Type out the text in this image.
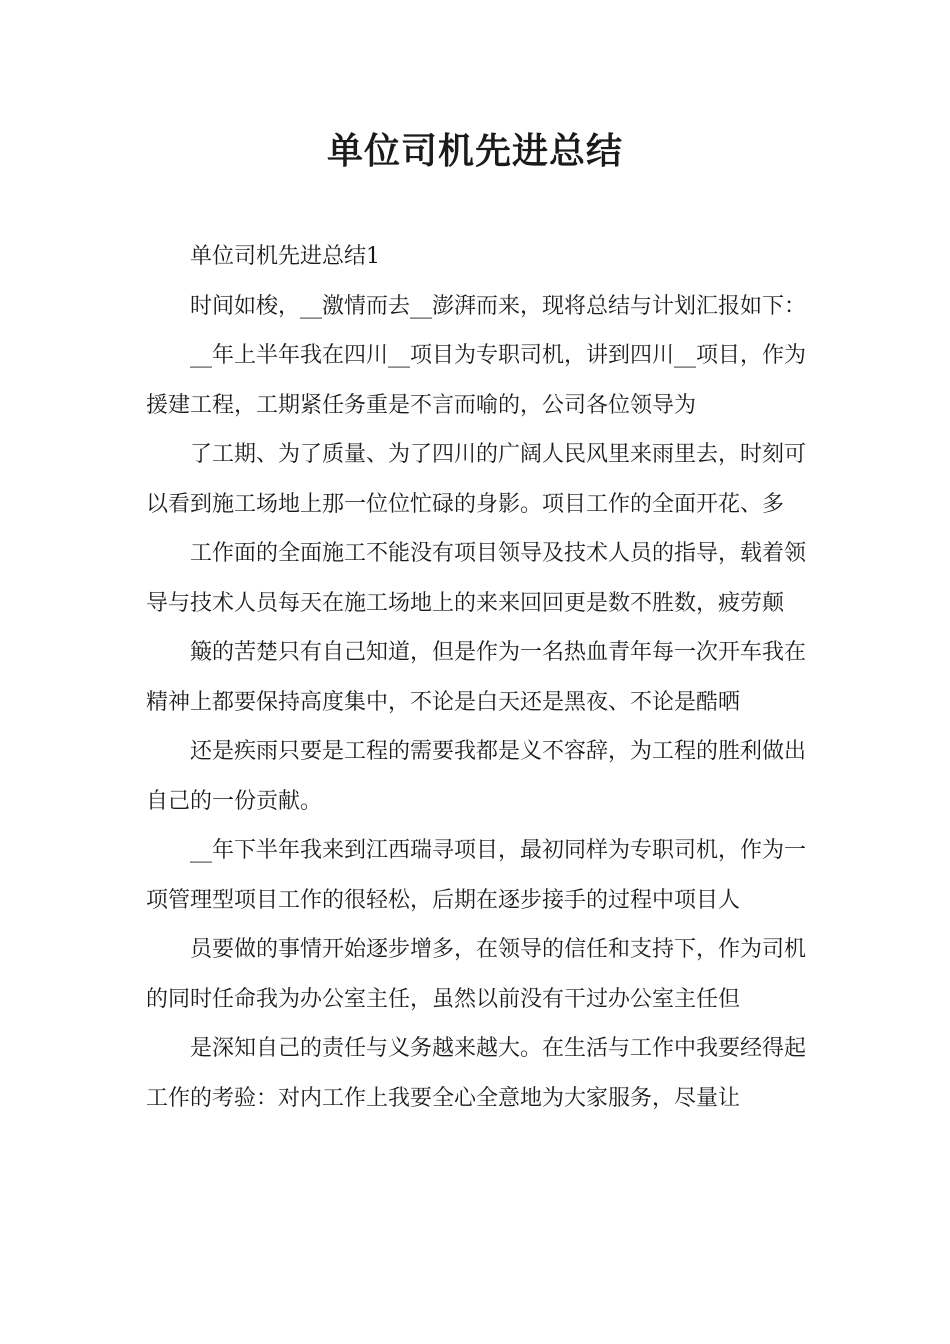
单位司机先进总结

单位司机先进总结1

时间如梭，__激情而去__澎湃而来，现将总结与计划汇报如下：

__年上半年我在四川__项目为专职司机，讲到四川__项目，作为援建工程，工期紧任务重是不言而喻的，公司各位领导为

了工期、为了质量、为了四川的广阔人民风里来雨里去，时刻可以看到施工场地上那一位位忙碌的身影。项目工作的全面开花、多

工作面的全面施工不能没有项目领导及技术人员的指导，载着领导与技术人员每天在施工场地上的来来回回更是数不胜数，疲劳颠

簸的苦楚只有自己知道，但是作为一名热血青年每一次开车我在精神上都要保持高度集中，不论是白天还是黑夜、不论是酷晒

还是疾雨只要是工程的需要我都是义不容辞，为工程的胜利做出自己的一份贡献。

__年下半年我来到江西瑞寻项目，最初同样为专职司机，作为一项管理型项目工作的很轻松，后期在逐步接手的过程中项目人

员要做的事情开始逐步增多，在领导的信任和支持下，作为司机的同时任命我为办公室主任，虽然以前没有干过办公室主任但

是深知自己的责任与义务越来越大。在生活与工作中我要经得起工作的考验：对内工作上我要全心全意地为大家服务，尽量让
